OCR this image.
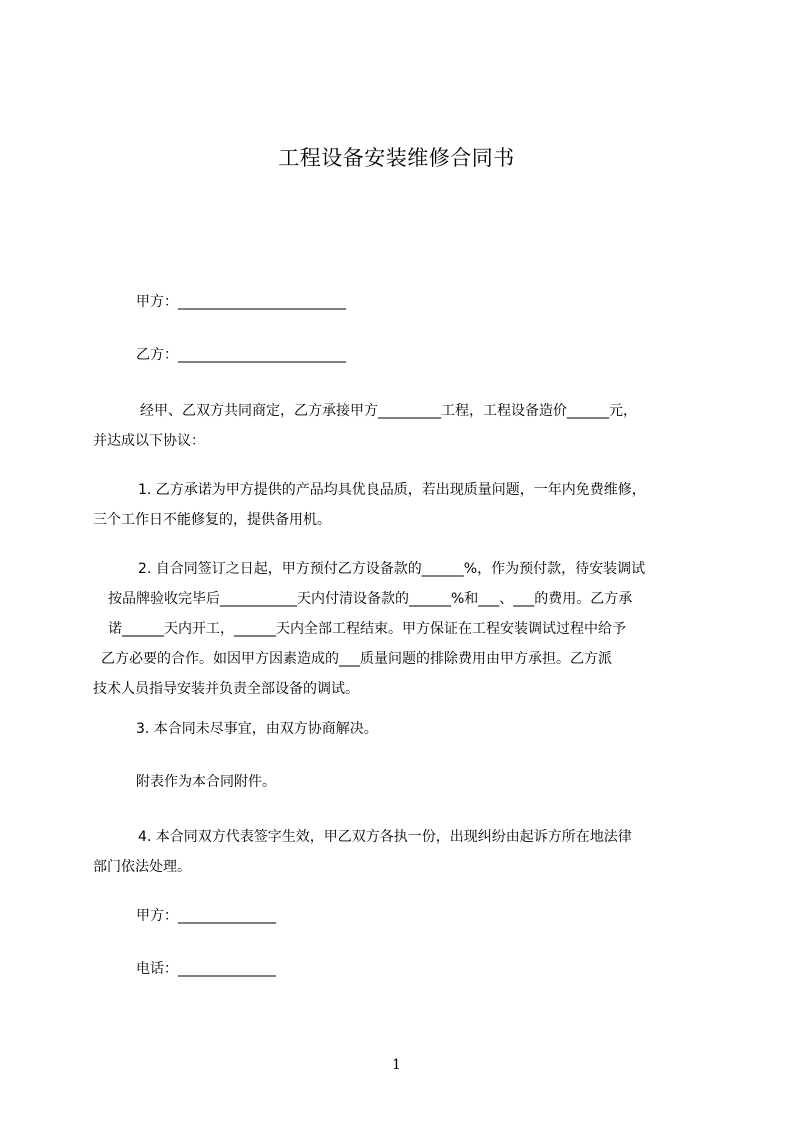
工程设备安装维修合同书
甲方：________________________
乙方：________________________
经甲、乙双方共同商定，乙方承接甲方_________工程，工程设备造价______元，
并达成以下协议：
1. 乙方承诺为甲方提供的产品均具优良品质，若出现质量问题，一年内免费维修，
三个工作日不能修复的，提供备用机。
2. 自合同签订之日起，甲方预付乙方设备款的______%，作为预付款，待安装调试
按品牌验收完毕后___________天内付清设备款的______%和___、___的费用。乙方承
诺______天内开工，______天内全部工程结束。甲方保证在工程安装调试过程中给予
乙方必要的合作。如因甲方因素造成的___质量问题的排除费用由甲方承担。乙方派
技术人员指导安装并负责全部设备的调试。
3. 本合同未尽事宜，由双方协商解决。
附表作为本合同附件。
4. 本合同双方代表签字生效，甲乙双方各执一份，出现纠纷由起诉方所在地法律
部门依法处理。
甲方：______________
电话：______________
1
